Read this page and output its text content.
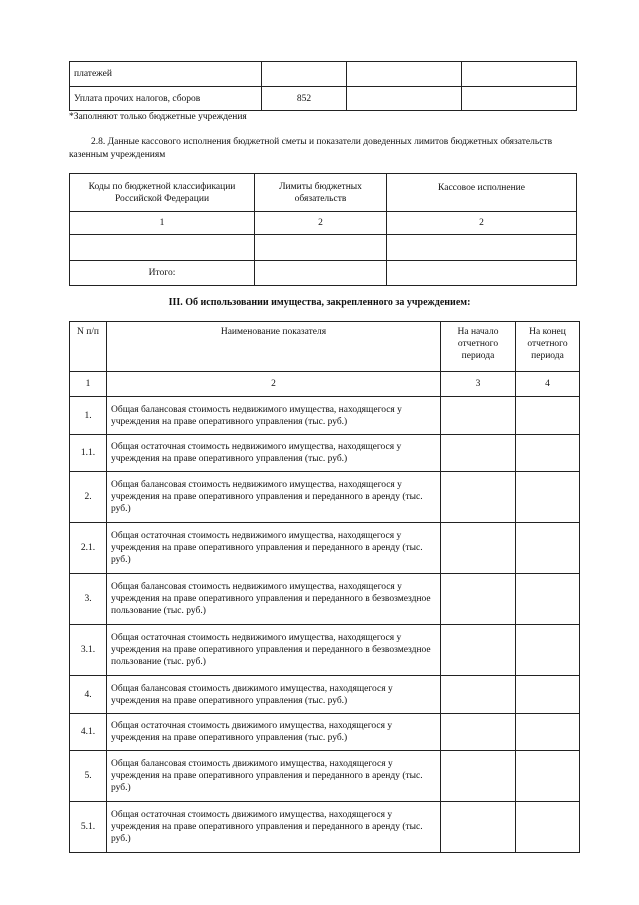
платежей			
Уплата прочих налогов, сборов	852		
*Заполняют только бюджетные учреждения
2.8. Данные кассового исполнения бюджетной сметы и показатели доведенных лимитов бюджетных обязательств казенным учреждениям
Коды по бюджетной классификации Российской Федерации	Лимиты бюджетных обязательств	Кассовое исполнение
1	2	2

Итого:		
III. Об использовании имущества, закрепленного за учреждением:
N п/п	Наименование показателя	На начало отчетного периода	На конец отчетного периода
1	2	3	4
1.	Общая балансовая стоимость недвижимого имущества, находящегося у учреждения на праве оперативного управления (тыс. руб.)		
1.1.	Общая остаточная стоимость недвижимого имущества, находящегося у учреждения на праве оперативного управления (тыс. руб.)		
2.	Общая балансовая стоимость недвижимого имущества, находящегося у учреждения на праве оперативного управления и переданного в аренду (тыс. руб.)		
2.1.	Общая остаточная стоимость недвижимого имущества, находящегося у учреждения на праве оперативного управления и переданного в аренду (тыс. руб.)		
3.	Общая балансовая стоимость недвижимого имущества, находящегося у учреждения на праве оперативного управления и переданного в безвозмездное пользование (тыс. руб.)		
3.1.	Общая остаточная стоимость недвижимого имущества, находящегося у учреждения на праве оперативного управления и переданного в безвозмездное пользование (тыс. руб.)		
4.	Общая балансовая стоимость движимого имущества, находящегося у учреждения на праве оперативного управления (тыс. руб.)		
4.1.	Общая остаточная стоимость движимого имущества, находящегося у учреждения на праве оперативного управления (тыс. руб.)		
5.	Общая балансовая стоимость движимого имущества, находящегося у учреждения на праве оперативного управления и переданного в аренду (тыс. руб.)		
5.1.	Общая остаточная стоимость движимого имущества, находящегося у учреждения на праве оперативного управления и переданного в аренду (тыс. руб.)		
